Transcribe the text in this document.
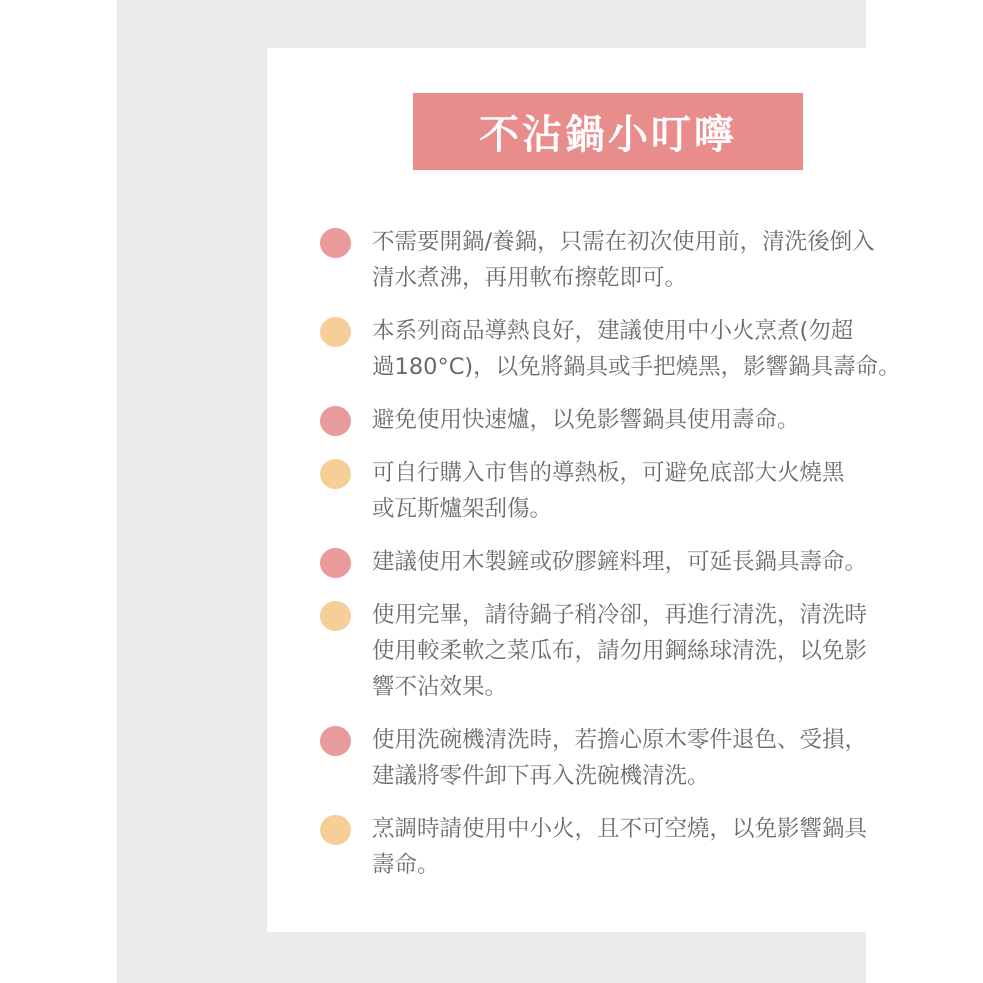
不沾鍋小叮嚀
不需要開鍋/養鍋，只需在初次使用前，清洗後倒入
清水煮沸，再用軟布擦乾即可。
本系列商品導熱良好，建議使用中小火烹煮(勿超
過180°C)，以免將鍋具或手把燒黑，影響鍋具壽命。
避免使用快速爐，以免影響鍋具使用壽命。
可自行購入市售的導熱板，可避免底部大火燒黑
或瓦斯爐架刮傷。
建議使用木製鏟或矽膠鏟料理，可延長鍋具壽命。
使用完畢，請待鍋子稍冷卻，再進行清洗，清洗時
使用較柔軟之菜瓜布，請勿用鋼絲球清洗，以免影
響不沾效果。
使用洗碗機清洗時，若擔心原木零件退色、受損，
建議將零件卸下再入洗碗機清洗。
烹調時請使用中小火，且不可空燒，以免影響鍋具
壽命。
